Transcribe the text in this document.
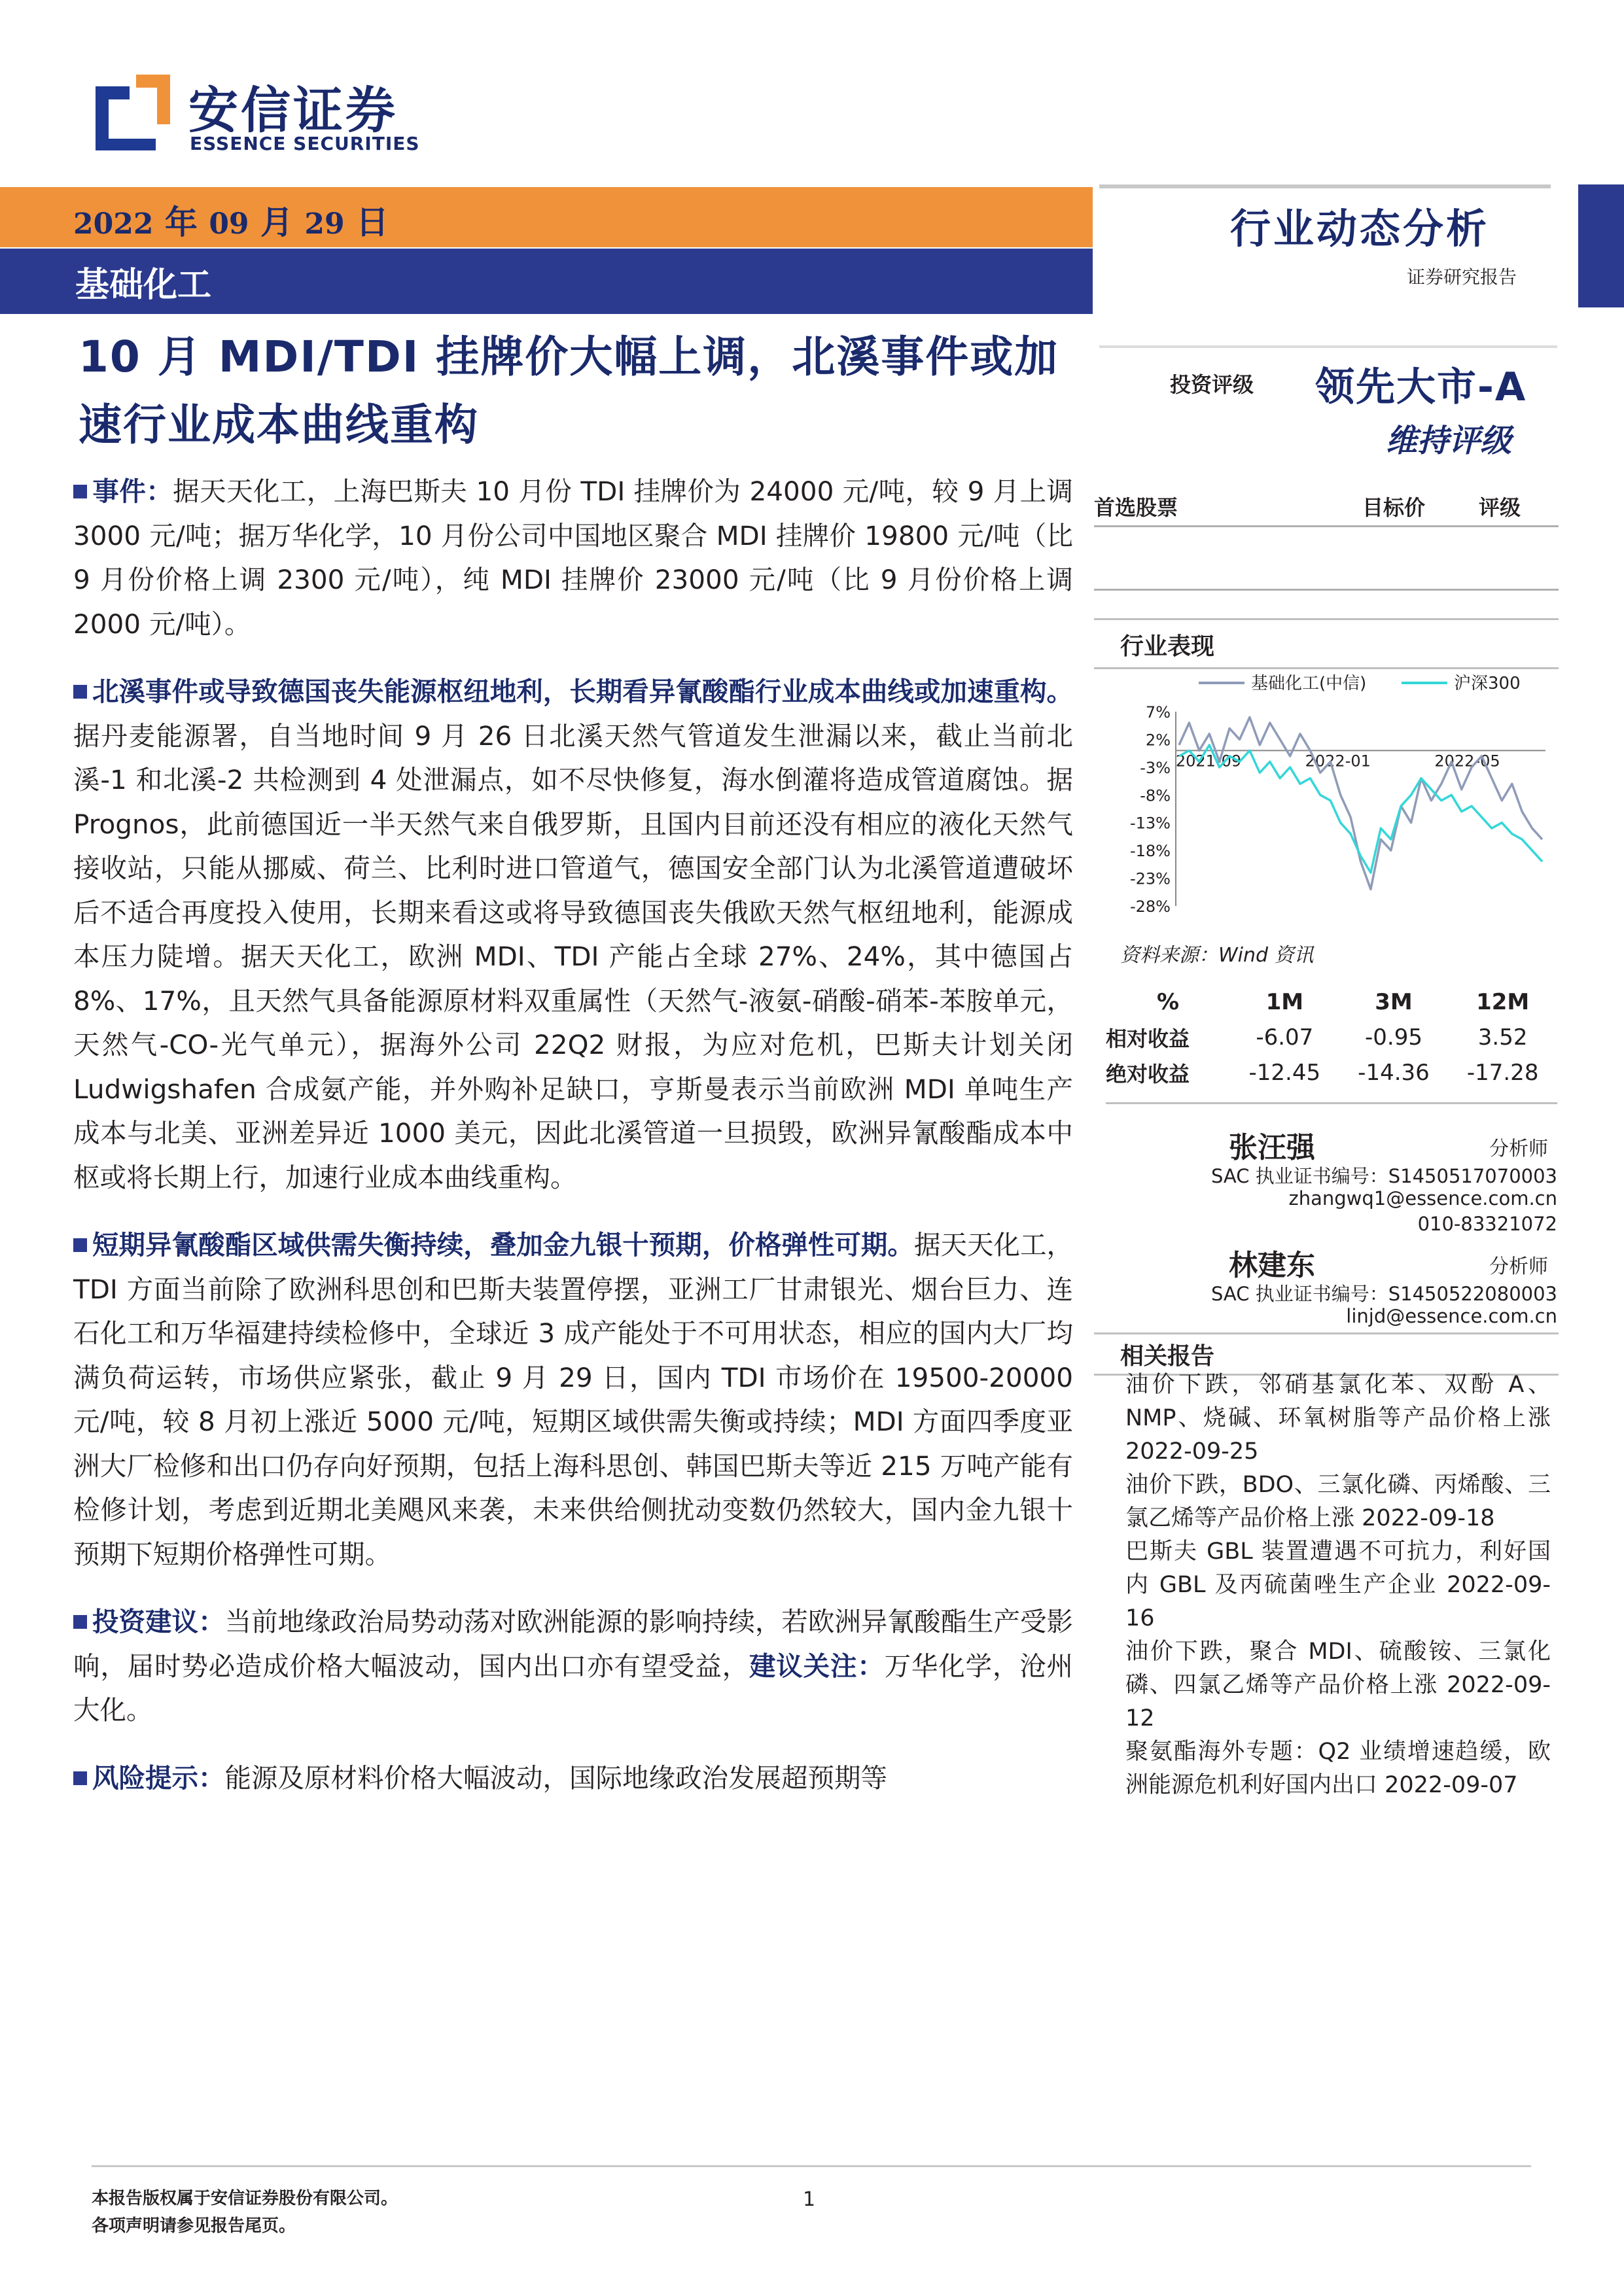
安信证券
ESSENCE SECURITIES
2022 年 09 月 29 日
基础化工
行业动态分析
证券研究报告
10 月 MDI/TDI 挂牌价大幅上调，北溪事件或加速行业成本曲线重构

事件：据天天化工，上海巴斯夫 10 月份 TDI 挂牌价为 24000 元/吨，较 9 月上调 3000 元/吨；据万华化学，10 月份公司中国地区聚合 MDI 挂牌价 19800 元/吨（比 9 月份价格上调 2300 元/吨），纯 MDI 挂牌价 23000 元/吨（比 9 月份价格上调 2000 元/吨）。

北溪事件或导致德国丧失能源枢纽地利，长期看异氰酸酯行业成本曲线或加速重构。据丹麦能源署，自当地时间 9 月 26 日北溪天然气管道发生泄漏以来，截止当前北溪-1 和北溪-2 共检测到 4 处泄漏点，如不尽快修复，海水倒灌将造成管道腐蚀。据 Prognos，此前德国近一半天然气来自俄罗斯，且国内目前还没有相应的液化天然气接收站，只能从挪威、荷兰、比利时进口管道气，德国安全部门认为北溪管道遭破坏后不适合再度投入使用，长期来看这或将导致德国丧失俄欧天然气枢纽地利，能源成本压力陡增。据天天化工，欧洲 MDI、TDI 产能占全球 27%、24%，其中德国占 8%、17%，且天然气具备能源原材料双重属性（天然气-液氨-硝酸-硝苯-苯胺单元，天然气-CO-光气单元），据海外公司 22Q2 财报，为应对危机，巴斯夫计划关闭 Ludwigshafen 合成氨产能，并外购补足缺口，亨斯曼表示当前欧洲 MDI 单吨生产成本与北美、亚洲差异近 1000 美元，因此北溪管道一旦损毁，欧洲异氰酸酯成本中枢或将长期上行，加速行业成本曲线重构。

短期异氰酸酯区域供需失衡持续，叠加金九银十预期，价格弹性可期。据天天化工，TDI 方面当前除了欧洲科思创和巴斯夫装置停摆，亚洲工厂甘肃银光、烟台巨力、连石化工和万华福建持续检修中，全球近 3 成产能处于不可用状态，相应的国内大厂均满负荷运转，市场供应紧张，截止 9 月 29 日，国内 TDI 市场价在 19500-20000 元/吨，较 8 月初上涨近 5000 元/吨，短期区域供需失衡或持续；MDI 方面四季度亚洲大厂检修和出口仍存向好预期，包括上海科思创、韩国巴斯夫等近 215 万吨产能有检修计划，考虑到近期北美飓风来袭，未来供给侧扰动变数仍然较大，国内金九银十预期下短期价格弹性可期。

投资建议：当前地缘政治局势动荡对欧洲能源的影响持续，若欧洲异氰酸酯生产受影响，届时势必造成价格大幅波动，国内出口亦有望受益，建议关注：万华化学，沧州大化。

风险提示：能源及原材料价格大幅波动，国际地缘政治发展超预期等

投资评级 领先大市-A
维持评级
首选股票	目标价	评级
行业表现
7%
2%
-3%
-8%
-13%
-18%
-23%
-28%
2021-09	2022-01	2022-05
基础化工(中信)	沪深300
资料来源：Wind 资讯
%	1M	3M	12M
相对收益	-6.07	-0.95	3.52
绝对收益	-12.45	-14.36	-17.28
张汪强	分析师
SAC 执业证书编号：S1450517070003
zhangwq1@essence.com.cn
010-83321072
林建东	分析师
SAC 执业证书编号：S1450522080003
linjd@essence.com.cn
相关报告

油价下跌，邻硝基氯化苯、双酚 A、NMP、烧碱、环氧树脂等产品价格上涨 2022-09-25

油价下跌，BDO、三氯化磷、丙烯酸、三氯乙烯等产品价格上涨 2022-09-18

巴斯夫 GBL 装置遭遇不可抗力，利好国内 GBL 及丙硫菌唑生产企业 2022-09-16

油价下跌，聚合 MDI、硫酸铵、三氯化磷、四氯乙烯等产品价格上涨 2022-09-12

聚氨酯海外专题：Q2 业绩增速趋缓，欧洲能源危机利好国内出口 2022-09-07

本报告版权属于安信证券股份有限公司。
各项声明请参见报告尾页。
1
